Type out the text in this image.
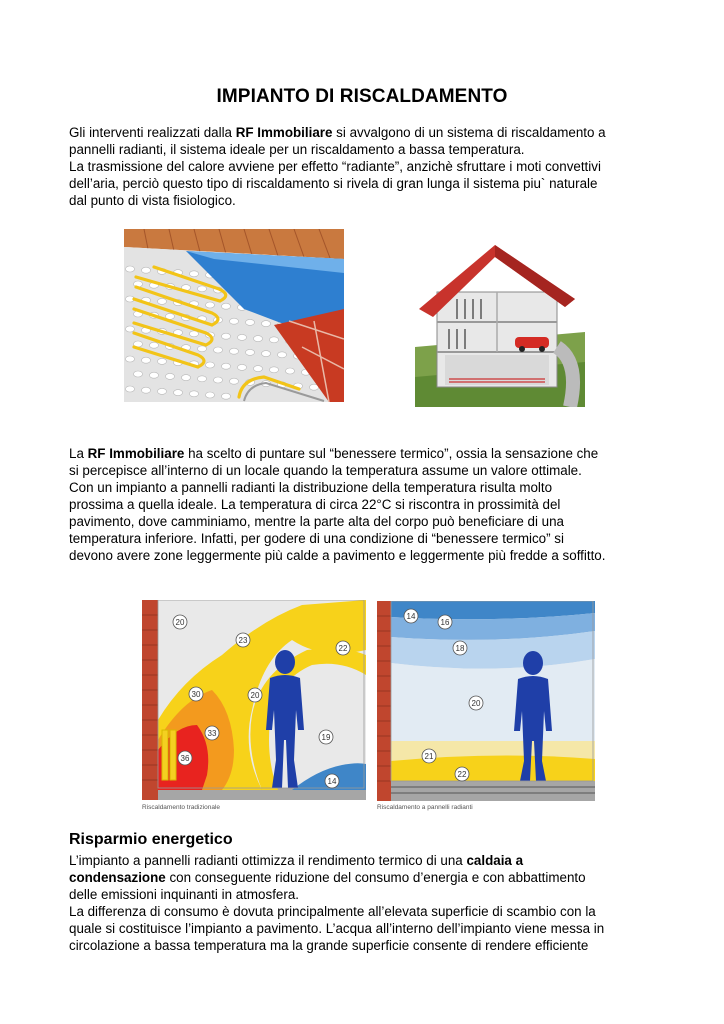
IMPIANTO DI RISCALDAMENTO

Gli interventi realizzati dalla RF Immobiliare si avvalgono di un sistema di riscaldamento a

pannelli radianti, il sistema ideale per un riscaldamento a bassa temperatura.

La trasmissione del calore avviene per effetto “radiante”, anzichè sfruttare i moti convettivi

dell’aria, perciò questo tipo di riscaldamento si rivela di gran lunga il sistema piu` naturale

dal punto di vista fisiologico.

La RF Immobiliare ha scelto di puntare sul “benessere termico”, ossia la sensazione che

si percepisce all’interno di un locale quando la temperatura assume un valore ottimale.

Con un impianto a pannelli radianti la distribuzione della temperatura risulta molto

prossima a quella ideale. La temperatura di circa 22°C si riscontra in prossimità del

pavimento, dove camminiamo, mentre la parte alta del corpo può beneficiare di una

temperatura inferiore. Infatti, per godere di una condizione di “benessere termico” si

devono avere zone leggermente più calde a pavimento e leggermente più fredde a soffitto.

20
23
22
30	20
33	19
36
14
Riscaldamento tradizionale
14
16
18
20
21
22
Riscaldamento a pannelli radianti
Risparmio energetico

L’impianto a pannelli radianti ottimizza il rendimento termico di una caldaia a

condensazione con conseguente riduzione del consumo d’energia e con abbattimento

delle emissioni inquinanti in atmosfera.

La differenza di consumo è dovuta principalmente all’elevata superficie di scambio con la

quale si costituisce l’impianto a pavimento. L’acqua all’interno dell’impianto viene messa in

circolazione a bassa temperatura ma la grande superficie consente di rendere efficiente
